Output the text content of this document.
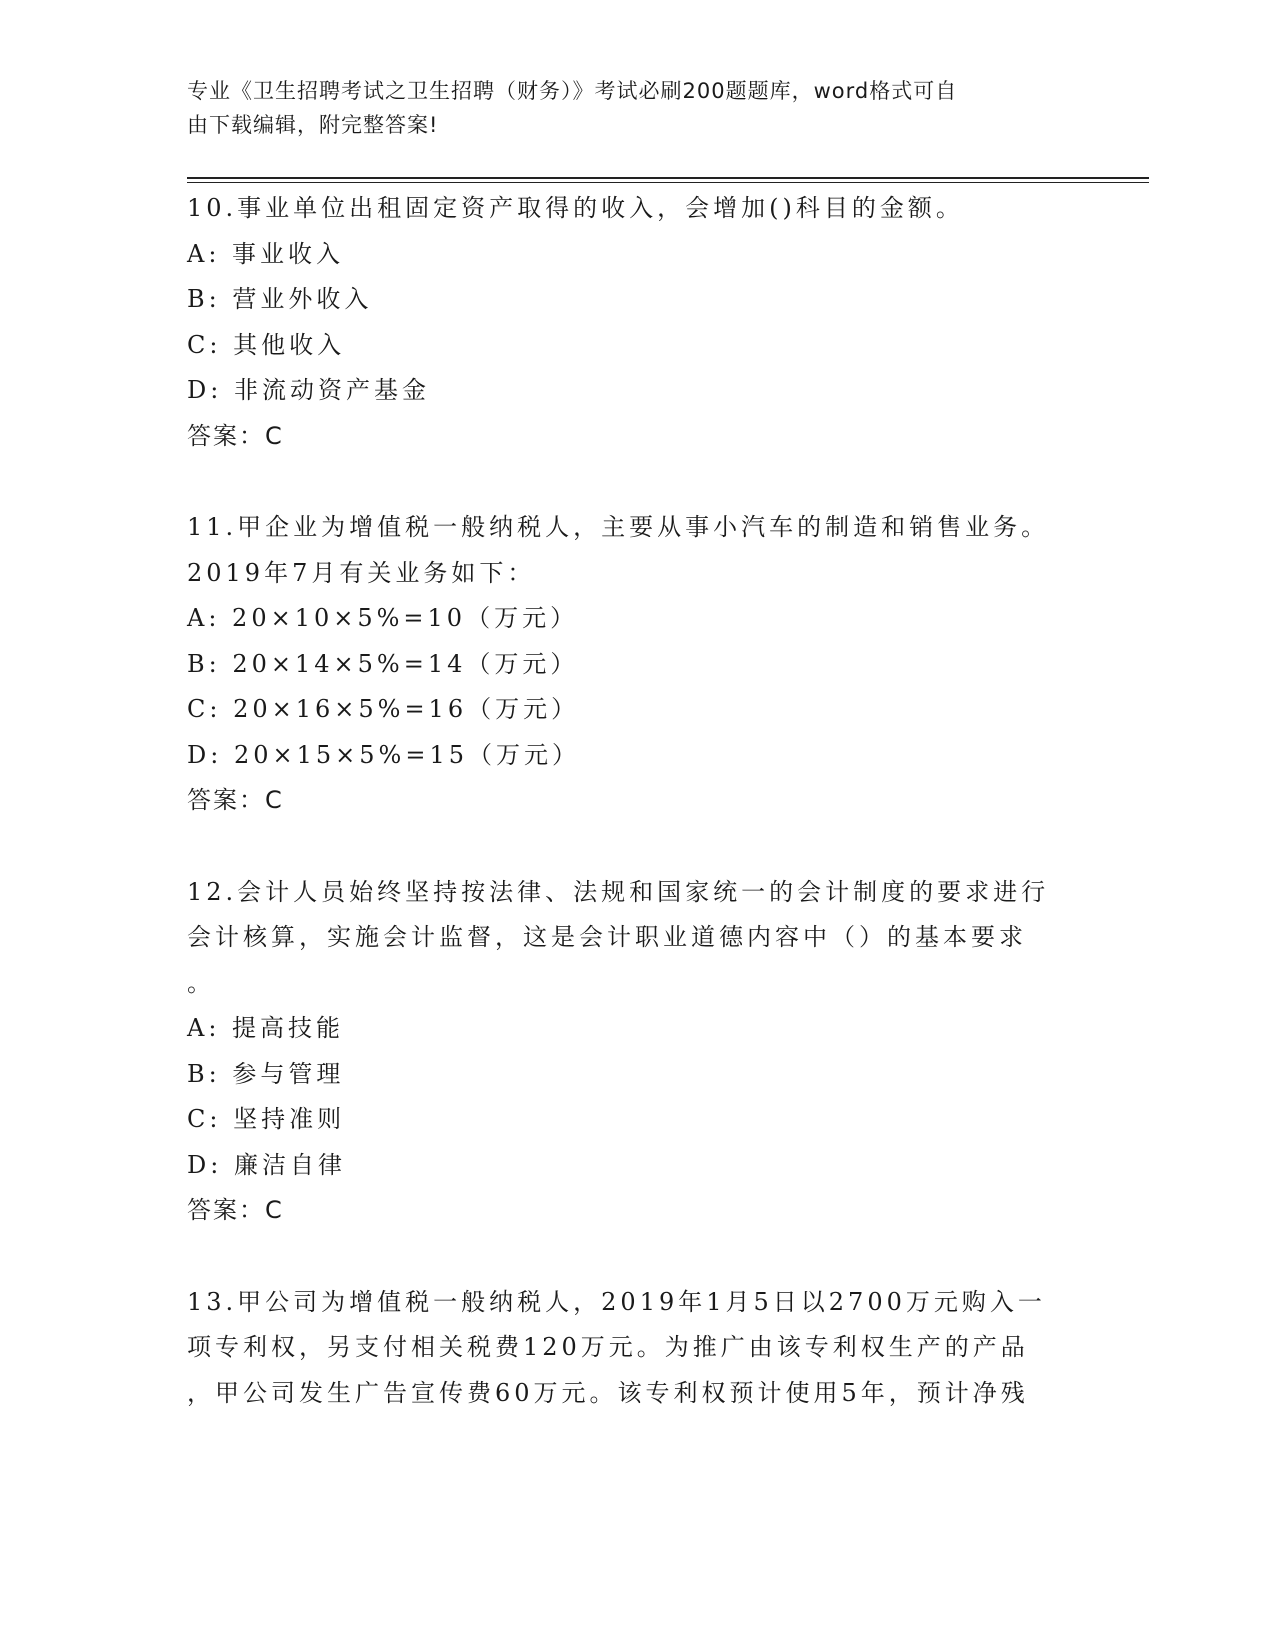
专业《卫生招聘考试之卫生招聘（财务）》考试必刷200题题库，word格式可自
由下载编辑，附完整答案!
10.事业单位出租固定资产取得的收入，会增加()科目的金额。
A: 事业收入
B: 营业外收入
C: 其他收入
D: 非流动资产基金
答案：C
11.甲企业为增值税一般纳税人，主要从事小汽车的制造和销售业务。
2019年7月有关业务如下：
A: 20×10×5%=10（万元）
B: 20×14×5%=14（万元）
C: 20×16×5%=16（万元）
D: 20×15×5%=15（万元）
答案：C
12.会计人员始终坚持按法律、法规和国家统一的会计制度的要求进行
会计核算，实施会计监督，这是会计职业道德内容中（）的基本要求
。
A: 提高技能
B: 参与管理
C: 坚持准则
D: 廉洁自律
答案：C
13.甲公司为增值税一般纳税人，2019年1月5日以2700万元购入一
项专利权，另支付相关税费120万元。为推广由该专利权生产的产品
，甲公司发生广告宣传费60万元。该专利权预计使用5年，预计净残
